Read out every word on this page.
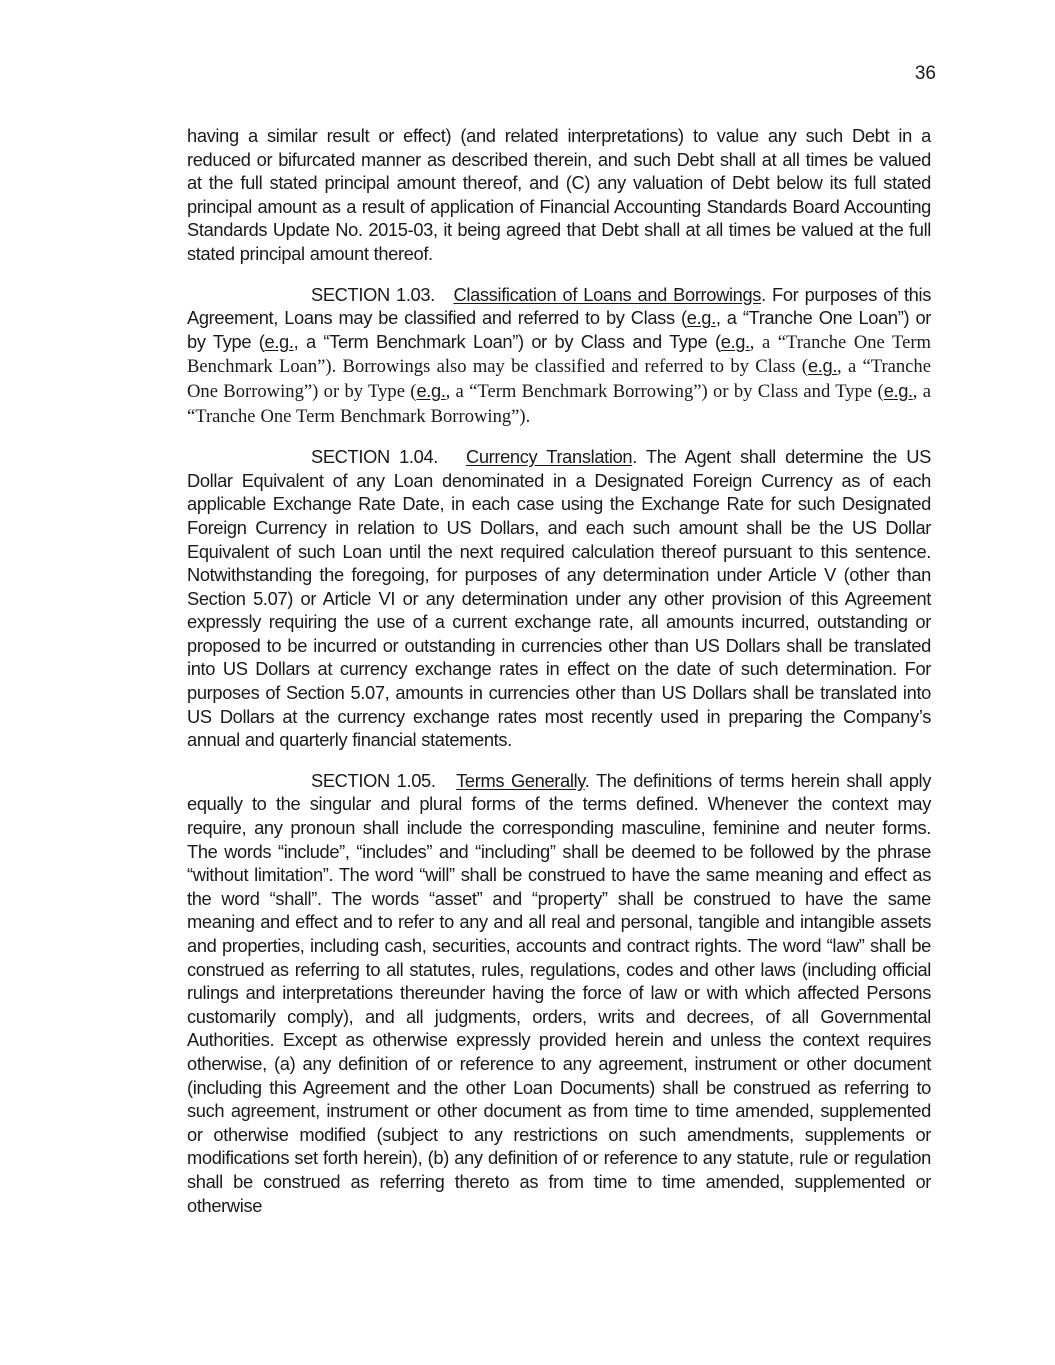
36

having a similar result or effect) (and related interpretations) to value any such Debt in a reduced or bifurcated manner as described therein, and such Debt shall at all times be valued at the full stated principal amount thereof, and (C) any valuation of Debt below its full stated principal amount as a result of application of Financial Accounting Standards Board Accounting Standards Update No. 2015-03, it being agreed that Debt shall at all times be valued at the full stated principal amount thereof.

SECTION 1.03. Classification of Loans and Borrowings. For purposes of this Agreement, Loans may be classified and referred to by Class (e.g., a “Tranche One Loan”) or by Type (e.g., a “Term Benchmark Loan”) or by Class and Type (e.g., a “Tranche One Term Benchmark Loan”). Borrowings also may be classified and referred to by Class (e.g., a “Tranche One Borrowing”) or by Type (e.g., a “Term Benchmark Borrowing”) or by Class and Type (e.g., a “Tranche One Term Benchmark Borrowing”).

SECTION 1.04. Currency Translation. The Agent shall determine the US Dollar Equivalent of any Loan denominated in a Designated Foreign Currency as of each applicable Exchange Rate Date, in each case using the Exchange Rate for such Designated Foreign Currency in relation to US Dollars, and each such amount shall be the US Dollar Equivalent of such Loan until the next required calculation thereof pursuant to this sentence. Notwithstanding the foregoing, for purposes of any determination under Article V (other than Section 5.07) or Article VI or any determination under any other provision of this Agreement expressly requiring the use of a current exchange rate, all amounts incurred, outstanding or proposed to be incurred or outstanding in currencies other than US Dollars shall be translated into US Dollars at currency exchange rates in effect on the date of such determination. For purposes of Section 5.07, amounts in currencies other than US Dollars shall be translated into US Dollars at the currency exchange rates most recently used in preparing the Company’s annual and quarterly financial statements.

SECTION 1.05. Terms Generally. The definitions of terms herein shall apply equally to the singular and plural forms of the terms defined. Whenever the context may require, any pronoun shall include the corresponding masculine, feminine and neuter forms. The words “include”, “includes” and “including” shall be deemed to be followed by the phrase “without limitation”. The word “will” shall be construed to have the same meaning and effect as the word “shall”. The words “asset” and “property” shall be construed to have the same meaning and effect and to refer to any and all real and personal, tangible and intangible assets and properties, including cash, securities, accounts and contract rights. The word “law” shall be construed as referring to all statutes, rules, regulations, codes and other laws (including official rulings and interpretations thereunder having the force of law or with which affected Persons customarily comply), and all judgments, orders, writs and decrees, of all Governmental Authorities. Except as otherwise expressly provided herein and unless the context requires otherwise, (a) any definition of or reference to any agreement, instrument or other document (including this Agreement and the other Loan Documents) shall be construed as referring to such agreement, instrument or other document as from time to time amended, supplemented or otherwise modified (subject to any restrictions on such amendments, supplements or modifications set forth herein), (b) any definition of or reference to any statute, rule or regulation shall be construed as referring thereto as from time to time amended, supplemented or otherwise
